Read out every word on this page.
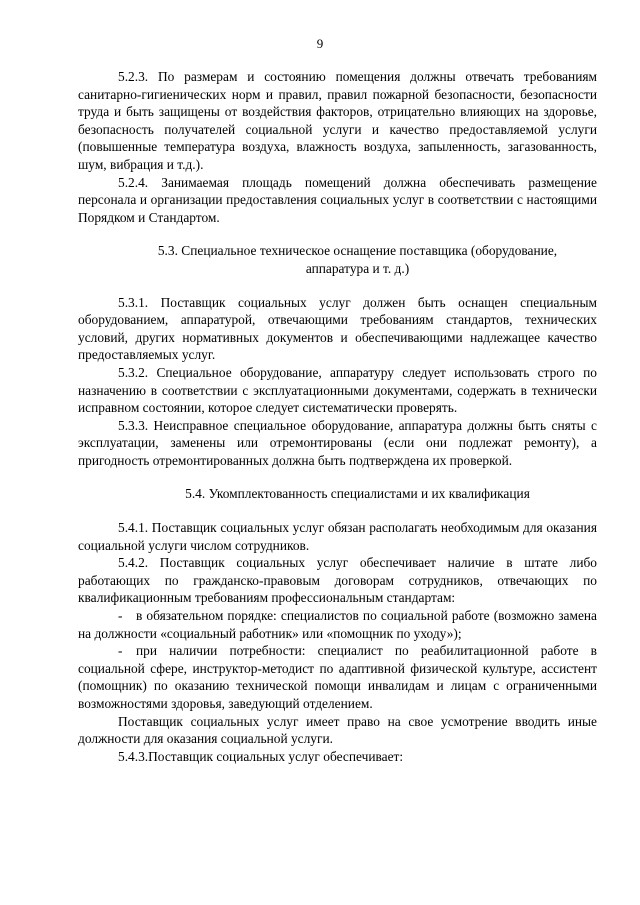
9

5.2.3. По размерам и состоянию помещения должны отвечать требованиям санитарно-гигиенических норм и правил, правил пожарной безопасности, безопасности труда и быть защищены от воздействия факторов, отрицательно влияющих на здоровье, безопасность получателей социальной услуги и качество предоставляемой услуги (повышенные температура воздуха, влажность воздуха, запыленность, загазованность, шум, вибрация и т.д.).

5.2.4. Занимаемая площадь помещений должна обеспечивать размещение персонала и организации предоставления социальных услуг в соответствии с настоящими Порядком и Стандартом.

5.3. Специальное техническое оснащение поставщика (оборудование,
аппаратура и т. д.)

5.3.1. Поставщик социальных услуг должен быть оснащен специальным оборудованием, аппаратурой, отвечающими требованиям стандартов, технических условий, других нормативных документов и обеспечивающими надлежащее качество предоставляемых услуг.

5.3.2. Специальное оборудование, аппаратуру следует использовать строго по назначению в соответствии с эксплуатационными документами, содержать в технически исправном состоянии, которое следует систематически проверять.

5.3.3. Неисправное специальное оборудование, аппаратура должны быть сняты с эксплуатации, заменены или отремонтированы (если они подлежат ремонту), а пригодность отремонтированных должна быть подтверждена их проверкой.

5.4. Укомплектованность специалистами и их квалификация

5.4.1. Поставщик социальных услуг обязан располагать необходимым для оказания социальной услуги числом сотрудников.

5.4.2. Поставщик социальных услуг обеспечивает наличие в штате либо работающих по гражданско-правовым договорам сотрудников, отвечающих по квалификационным требованиям профессиональным стандартам:

- в обязательном порядке: специалистов по социальной работе (возможно замена на должности «социальный работник» или «помощник по уходу»);

- при наличии потребности: специалист по реабилитационной работе в социальной сфере, инструктор-методист по адаптивной физической культуре, ассистент (помощник) по оказанию технической помощи инвалидам и лицам с ограниченными возможностями здоровья, заведующий отделением.

Поставщик социальных услуг имеет право на свое усмотрение вводить иные должности для оказания социальной услуги.

5.4.3.Поставщик социальных услуг обеспечивает:
